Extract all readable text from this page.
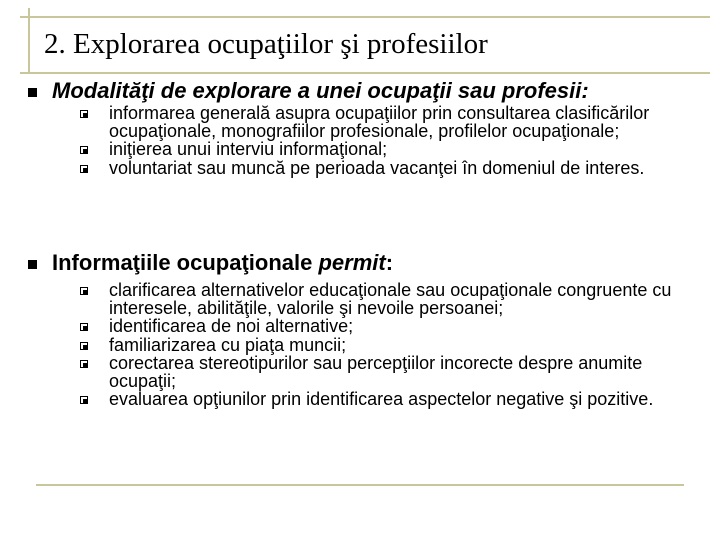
2. Explorarea ocupaţiilor şi profesiilor
Modalităţi de explorare a unei ocupaţii sau profesii:
informarea generală asupra ocupaţiilor prin consultarea clasificărilor ocupaţionale, monografiilor profesionale, profilelor ocupaţionale;
iniţierea unui interviu informaţional;
voluntariat sau muncă pe perioada vacanţei în domeniul de interes.
Informaţiile ocupaţionale permit:
clarificarea alternativelor educaţionale sau ocupaţionale congruente cu interesele, abilităţile, valorile şi nevoile persoanei;
identificarea de noi alternative;
familiarizarea cu piaţa muncii;
corectarea stereotipurilor sau percepţiilor incorecte despre anumite ocupaţii;
evaluarea opţiunilor prin identificarea aspectelor negative şi pozitive.
